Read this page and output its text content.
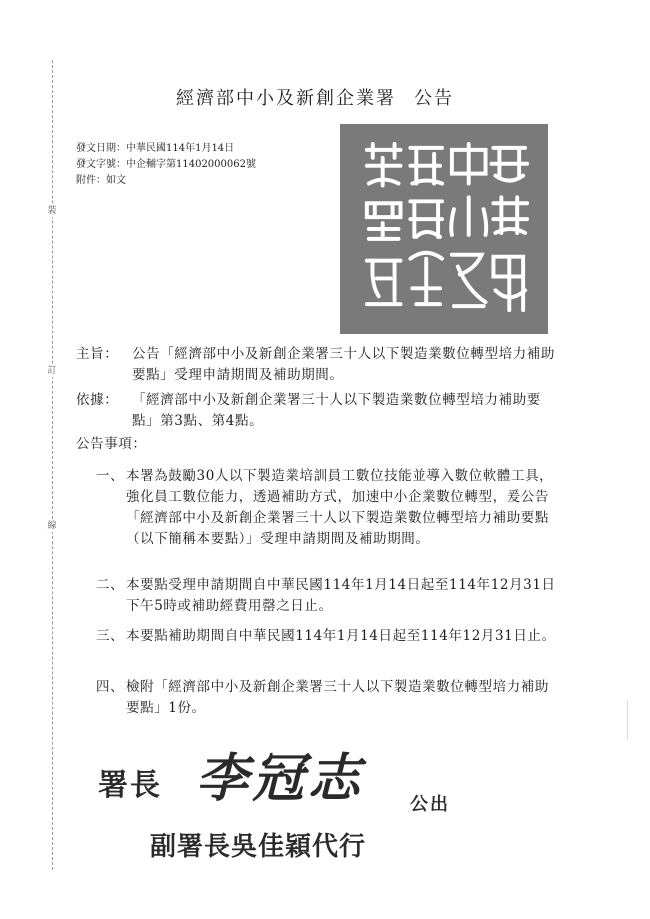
裝
訂
線
經濟部中小及新創企業署 公告
發文日期：中華民國114年1月14日
發文字號：中企輔字第11402000062號
附件：如文
主旨： 公告「經濟部中小及新創企業署三十人以下製造業數位轉型培力補助要點」受理申請期間及補助期間。
依據： 「經濟部中小及新創企業署三十人以下製造業數位轉型培力補助要點」第3點、第4點。
公告事項：
一、 本署為鼓勵30人以下製造業培訓員工數位技能並導入數位軟體工具，強化員工數位能力，透過補助方式，加速中小企業數位轉型，爰公告「經濟部中小及新創企業署三十人以下製造業數位轉型培力補助要點（以下簡稱本要點）」受理申請期間及補助期間。
二、 本要點受理申請期間自中華民國114年1月14日起至114年12月31日下午5時或補助經費用罄之日止。
三、 本要點補助期間自中華民國114年1月14日起至114年12月31日止。
四、 檢附「經濟部中小及新創企業署三十人以下製造業數位轉型培力補助要點」1份。
署長 李冠志	公出
副署長吳佳穎代行
